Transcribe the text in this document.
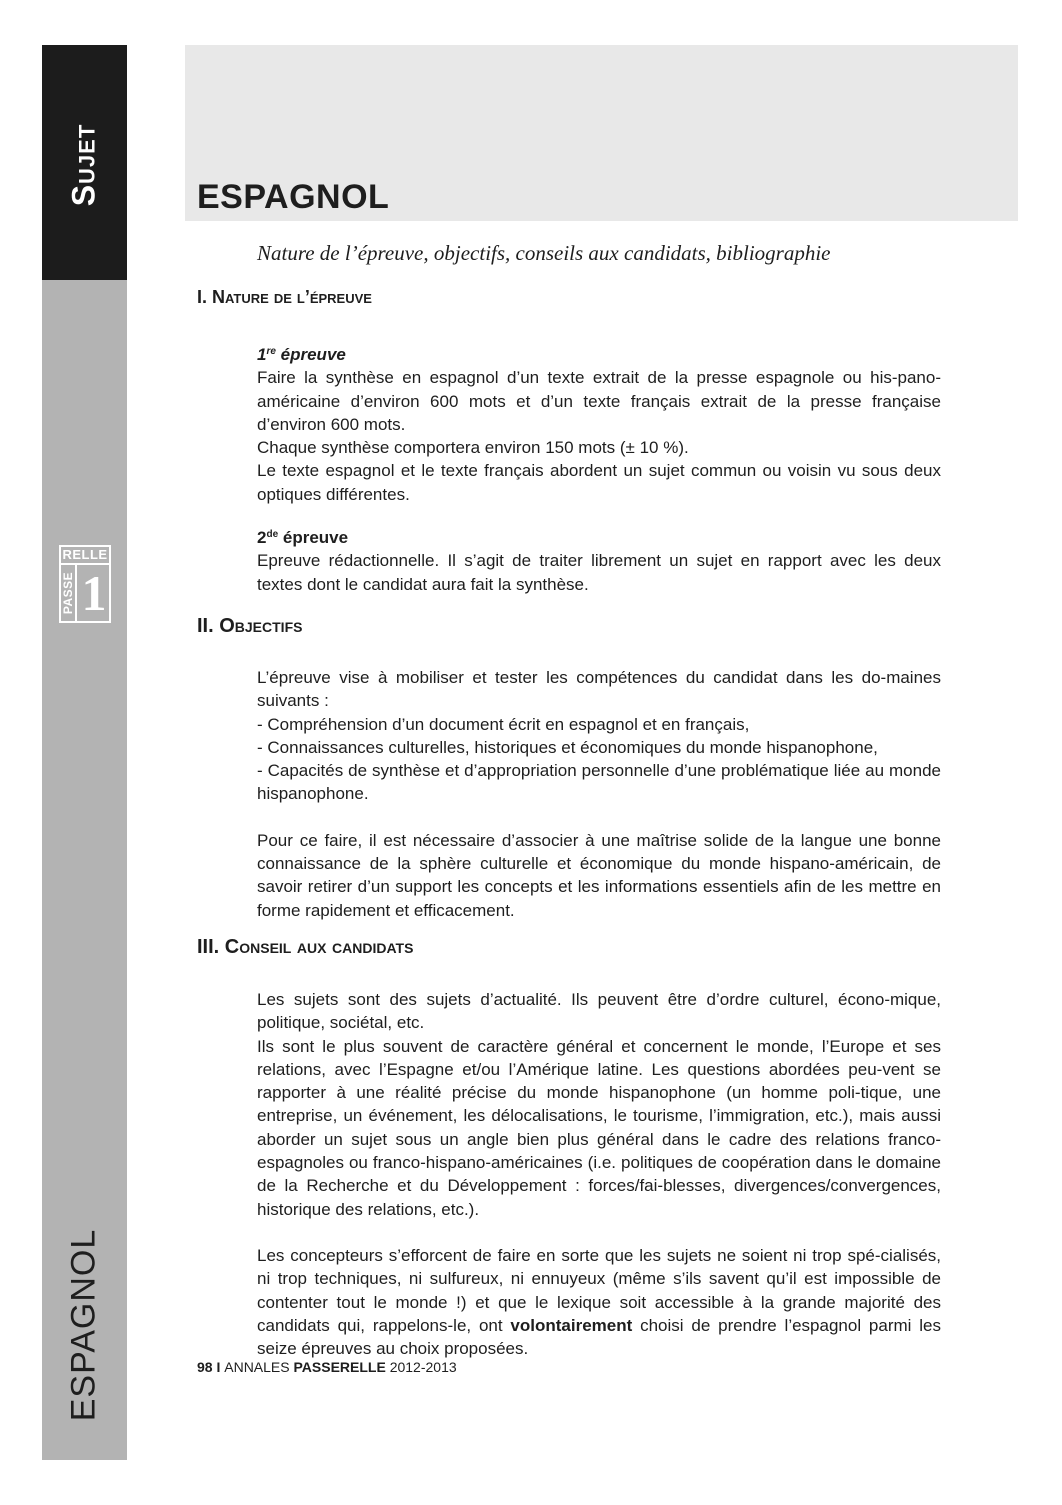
Sujet
ESPAGNOL
RELLE
PASSE 1
ESPAGNOL
Nature de l’épreuve, objectifs, conseils aux candidats, bibliographie
I. Nature de l’épreuve

1re épreuve

Faire la synthèse en espagnol d’un texte extrait de la presse espagnole ou his-pano-américaine d’environ 600 mots et d’un texte français extrait de la presse française d’environ 600 mots.

Chaque synthèse comportera environ 150 mots (± 10 %).

Le texte espagnol et le texte français abordent un sujet commun ou voisin vu sous deux optiques différentes.

2de épreuve

Epreuve rédactionnelle. Il s’agit de traiter librement un sujet en rapport avec les deux textes dont le candidat aura fait la synthèse.

II. Objectifs

L’épreuve vise à mobiliser et tester les compétences du candidat dans les do-maines suivants :

- Compréhension d’un document écrit en espagnol et en français,

- Connaissances culturelles, historiques et économiques du monde hispanophone,

- Capacités de synthèse et d’appropriation personnelle d’une problématique liée au monde hispanophone.

Pour ce faire, il est nécessaire d’associer à une maîtrise solide de la langue une bonne connaissance de la sphère culturelle et économique du monde hispano-américain, de savoir retirer d’un support les concepts et les informations essentiels afin de les mettre en forme rapidement et efficacement.

III. Conseil aux candidats

Les sujets sont des sujets d’actualité. Ils peuvent être d’ordre culturel, écono-mique, politique, sociétal, etc.

Ils sont le plus souvent de caractère général et concernent le monde, l’Europe et ses relations, avec l’Espagne et/ou l’Amérique latine. Les questions abordées peu-vent se rapporter à une réalité précise du monde hispanophone (un homme poli-tique, une entreprise, un événement, les délocalisations, le tourisme, l’immigration, etc.), mais aussi aborder un sujet sous un angle bien plus général dans le cadre des relations franco-espagnoles ou franco-hispano-américaines (i.e. politiques de coopération dans le domaine de la Recherche et du Développement : forces/fai-blesses, divergences/convergences, historique des relations, etc.).

Les concepteurs s’efforcent de faire en sorte que les sujets ne soient ni trop spé-cialisés, ni trop techniques, ni sulfureux, ni ennuyeux (même s’ils savent qu’il est impossible de contenter tout le monde !) et que le lexique soit accessible à la grande majorité des candidats qui, rappelons-le, ont volontairement choisi de prendre l’espagnol parmi les seize épreuves au choix proposées.

98 I ANNALES PASSERELLE 2012-2013
